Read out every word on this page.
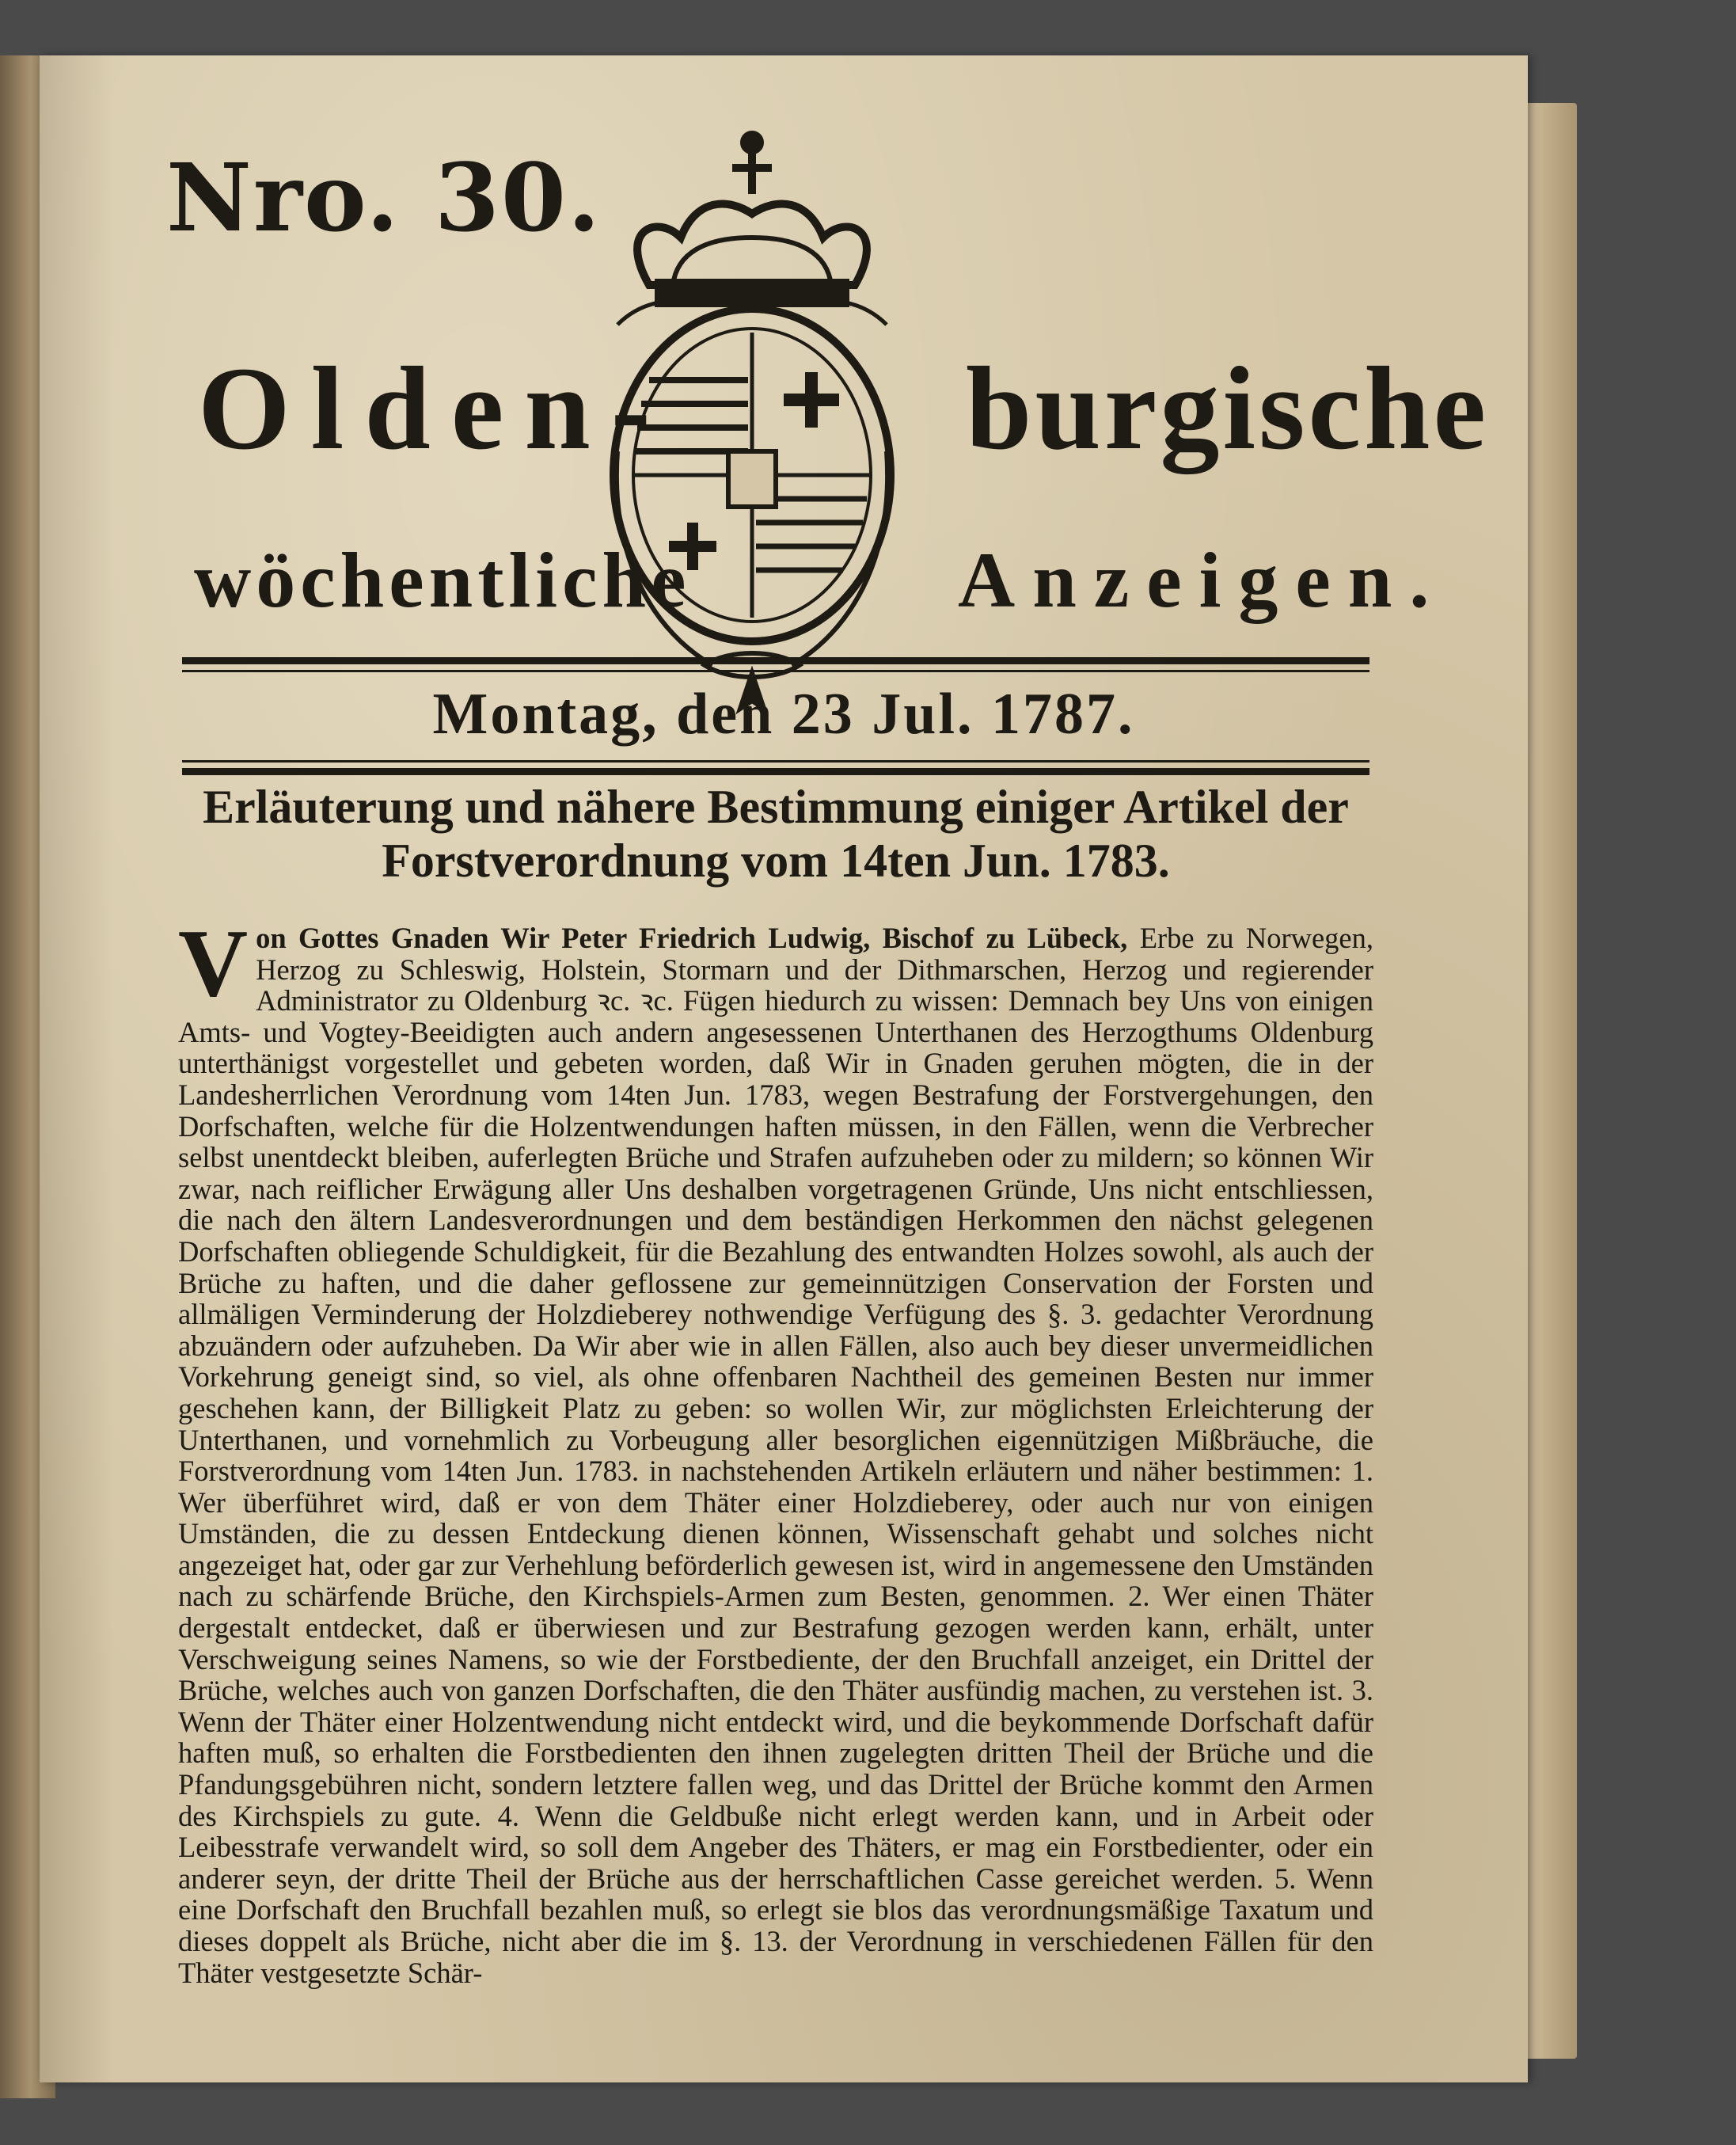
Nro. 30.
Olden- burgische
wöchentliche	Anzeigen.
Montag, den 23 Jul. 1787.
Erläuterung und nähere Bestimmung einiger Artikel der
Forstverordnung vom 14ten Jun. 1783.
V on Gottes Gnaden Wir Peter Friedrich Ludwig, Bischof zu Lübeck, Erbe zu Norwegen, Herzog zu Schleswig, Holstein, Stormarn und der Dithmarschen, Herzog und regierender Administrator zu Oldenburg ꝛc. ꝛc. Fügen hiedurch zu wissen: Demnach bey Uns von einigen Amts- und Vogtey-Beeidigten auch andern angesessenen Unterthanen des Herzogthums Oldenburg unterthänigst vorgestellet und gebeten worden, daß Wir in Gnaden geruhen mögten, die in der Landesherrlichen Verordnung vom 14ten Jun. 1783, wegen Bestrafung der Forstvergehungen, den Dorfschaften, welche für die Holzentwendungen haften müssen, in den Fällen, wenn die Verbrecher selbst unentdeckt bleiben, auferlegten Brüche und Strafen aufzuheben oder zu mildern; so können Wir zwar, nach reiflicher Erwägung aller Uns deshalben vorgetragenen Gründe, Uns nicht entschliessen, die nach den ältern Landesverordnungen und dem beständigen Herkommen den nächst gelegenen Dorfschaften obliegende Schuldigkeit, für die Bezahlung des entwandten Holzes sowohl, als auch der Brüche zu haften, und die daher geflossene zur gemeinnützigen Conservation der Forsten und allmäligen Verminderung der Holzdieberey nothwendige Verfügung des §. 3. gedachter Verordnung abzuändern oder aufzuheben. Da Wir aber wie in allen Fällen, also auch bey dieser unvermeidlichen Vorkehrung geneigt sind, so viel, als ohne offenbaren Nachtheil des gemeinen Besten nur immer geschehen kann, der Billigkeit Platz zu geben: so wollen Wir, zur möglichsten Erleichterung der Unterthanen, und vornehmlich zu Vorbeugung aller besorglichen eigennützigen Mißbräuche, die Forstverordnung vom 14ten Jun. 1783. in nachstehenden Artikeln erläutern und näher bestimmen: 1. Wer überführet wird, daß er von dem Thäter einer Holzdieberey, oder auch nur von einigen Umständen, die zu dessen Entdeckung dienen können, Wissenschaft gehabt und solches nicht angezeiget hat, oder gar zur Verhehlung beförderlich gewesen ist, wird in angemessene den Umständen nach zu schärfende Brüche, den Kirchspiels-Armen zum Besten, genommen. 2. Wer einen Thäter dergestalt entdecket, daß er überwiesen und zur Bestrafung gezogen werden kann, erhält, unter Verschweigung seines Namens, so wie der Forstbediente, der den Bruchfall anzeiget, ein Drittel der Brüche, welches auch von ganzen Dorfschaften, die den Thäter ausfündig machen, zu verstehen ist. 3. Wenn der Thäter einer Holzentwendung nicht entdeckt wird, und die beykommende Dorfschaft dafür haften muß, so erhalten die Forstbedienten den ihnen zugelegten dritten Theil der Brüche und die Pfandungsgebühren nicht, sondern letztere fallen weg, und das Drittel der Brüche kommt den Armen des Kirchspiels zu gute. 4. Wenn die Geldbuße nicht erlegt werden kann, und in Arbeit oder Leibesstrafe verwandelt wird, so soll dem Angeber des Thäters, er mag ein Forstbedienter, oder ein anderer seyn, der dritte Theil der Brüche aus der herrschaftlichen Casse gereichet werden. 5. Wenn eine Dorfschaft den Bruchfall bezahlen muß, so erlegt sie blos das verordnungsmäßige Taxatum und dieses doppelt als Brüche, nicht aber die im §. 13. der Verordnung in verschiedenen Fällen für den Thäter vestgesetzte Schär-
